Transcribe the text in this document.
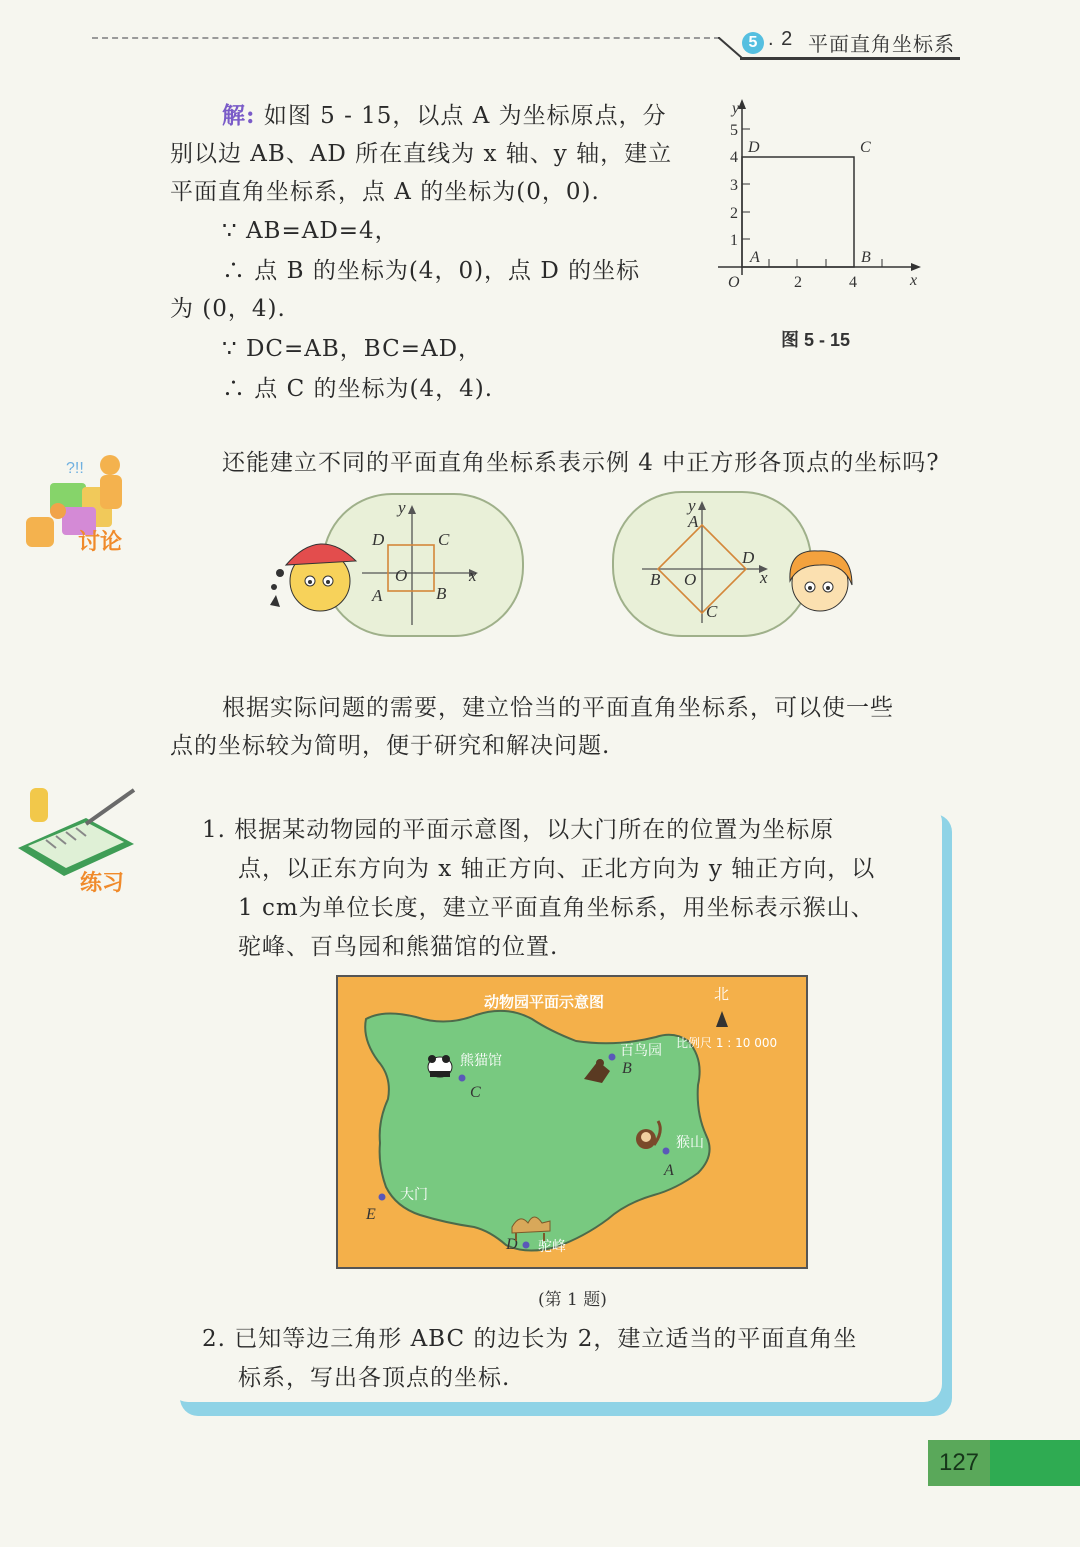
5 . 2 平面直角坐标系
解: 如图 5 - 15，以点 A 为坐标原点，分
别以边 AB、AD 所在直线为 x 轴、y 轴，建立
平面直角坐标系，点 A 的坐标为(0，0).
∵ AB=AD=4，
∴ 点 B 的坐标为(4，0)，点 D 的坐标
为 (0，4).
∵ DC=AB，BC=AD，
∴ 点 C 的坐标为(4，4).
y
5
4
3
2
1
O	2	4	x
D	C
A	B
图 5 - 15
?!!
讨论
还能建立不同的平面直角坐标系表示例 4 中正方形各顶点的坐标吗?
y
x
O
D	C
A	B
y
A
D
x
B O
C
根据实际问题的需要，建立恰当的平面直角坐标系，可以使一些
点的坐标较为简明，便于研究和解决问题.
练习
1. 根据某动物园的平面示意图，以大门所在的位置为坐标原
点，以正东方向为 x 轴正方向、正北方向为 y 轴正方向，以
1 cm为单位长度，建立平面直角坐标系，用坐标表示猴山、
驼峰、百鸟园和熊猫馆的位置.
动物园平面示意图	北
比例尺 1 : 10 000
熊猫馆
百鸟园
猴山
大门
驼峰
C
B
A
E
D
(第 1 题)
2. 已知等边三角形 ABC 的边长为 2，建立适当的平面直角坐
标系，写出各顶点的坐标.
127
